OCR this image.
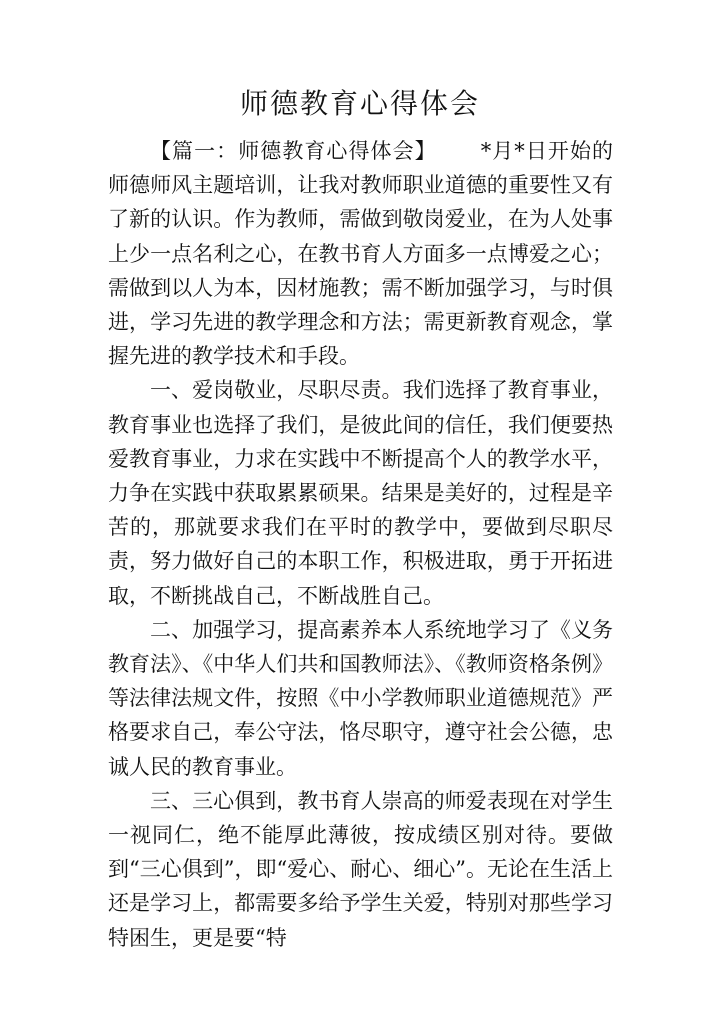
师德教育心得体会

【篇一：师德教育心得体会】 *月*日开始的师德师风主题培训，让我对教师职业道德的重要性又有了新的认识。作为教师，需做到敬岗爱业，在为人处事上少一点名利之心，在教书育人方面多一点博爱之心；需做到以人为本，因材施教；需不断加强学习，与时俱进，学习先进的教学理念和方法；需更新教育观念，掌握先进的教学技术和手段。

一、爱岗敬业，尽职尽责。我们选择了教育事业，教育事业也选择了我们，是彼此间的信任，我们便要热爱教育事业，力求在实践中不断提高个人的教学水平，力争在实践中获取累累硕果。结果是美好的，过程是辛苦的，那就要求我们在平时的教学中，要做到尽职尽责，努力做好自己的本职工作，积极进取，勇于开拓进取，不断挑战自己，不断战胜自己。

二、加强学习，提高素养本人系统地学习了《义务教育法》、《中华人们共和国教师法》、《教师资格条例》等法律法规文件，按照《中小学教师职业道德规范》严格要求自己，奉公守法，恪尽职守，遵守社会公德，忠诚人民的教育事业。

三、三心俱到，教书育人崇高的师爱表现在对学生一视同仁，绝不能厚此薄彼，按成绩区别对待。要做到“三心俱到”，即“爱心、耐心、细心”。无论在生活上还是学习上，都需要多给予学生关爱，特别对那些学习特困生，更是要“特
